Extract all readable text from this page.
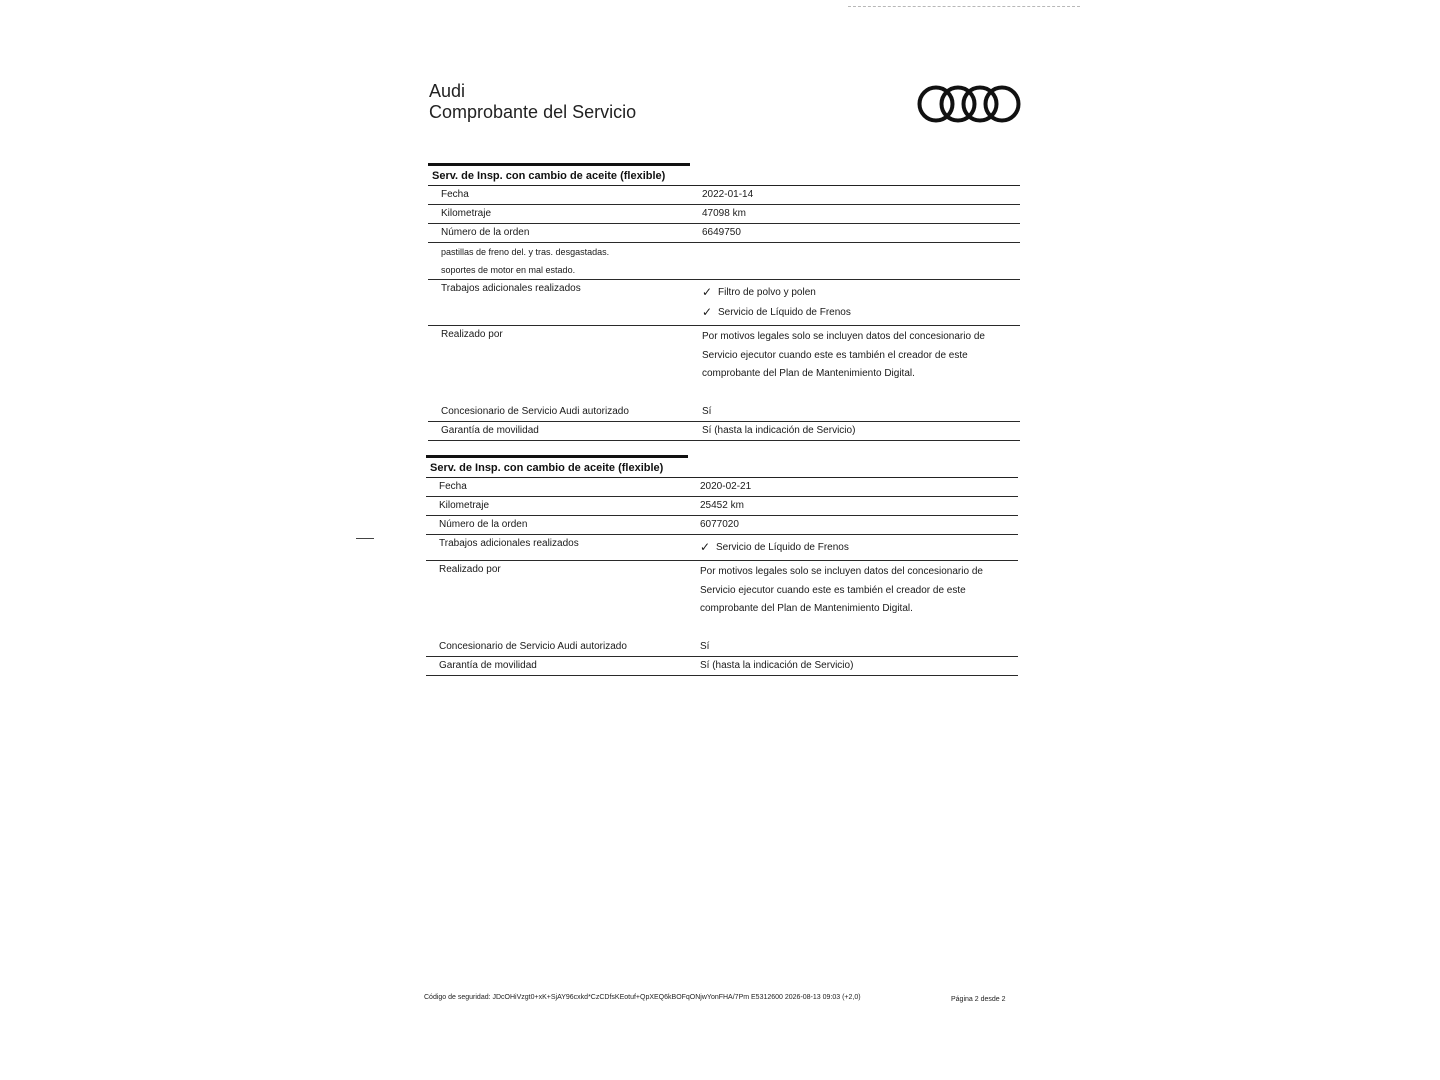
Audi
Comprobante del Servicio
Serv. de Insp. con cambio de aceite (flexible)
Fecha	2022-01-14
Kilometraje	47098 km
Número de la orden	6649750
pastillas de freno del. y tras. desgastadas.
soportes de motor en mal estado.
Trabajos adicionales realizados	✓ Filtro de polvo y polen
✓ Servicio de Líquido de Frenos
Realizado por	Por motivos legales solo se incluyen datos del concesionario de
Servicio ejecutor cuando este es también el creador de este
comprobante del Plan de Mantenimiento Digital.
Concesionario de Servicio Audi autorizado	Sí
Garantía de movilidad	Sí (hasta la indicación de Servicio)
Serv. de Insp. con cambio de aceite (flexible)
Fecha	2020-02-21
Kilometraje	25452 km
Número de la orden	6077020
Trabajos adicionales realizados	✓ Servicio de Líquido de Frenos
Realizado por	Por motivos legales solo se incluyen datos del concesionario de
Servicio ejecutor cuando este es también el creador de este
comprobante del Plan de Mantenimiento Digital.
Concesionario de Servicio Audi autorizado	Sí
Garantía de movilidad	Sí (hasta la indicación de Servicio)
Código de seguridad: JDcOHiVzgt0+xK+SjAY96cxkd*CzCDfsKEotuf+QpXEQ6kBOFqONjwYonFHA/7Pm E5312600 2026-08-13 09:03 (+2,0)	Página 2 desde 2
